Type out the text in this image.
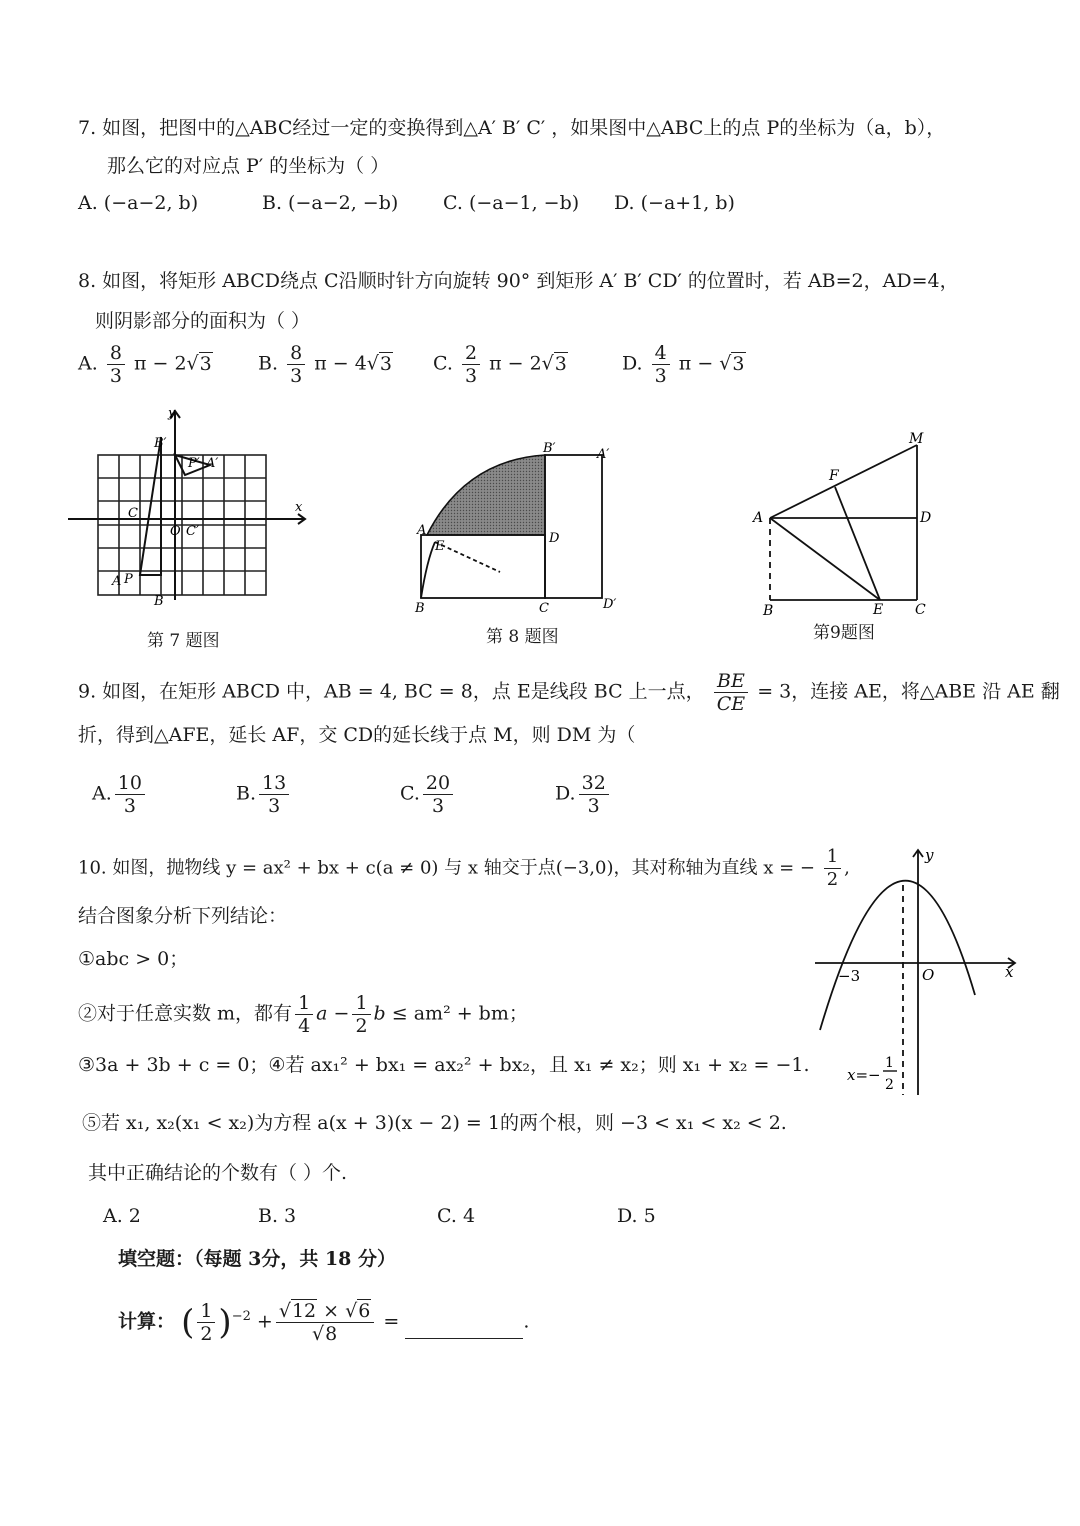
7. 如图，把图中的△ABC经过一定的变换得到△A′ B′ C′ ，如果图中△ABC上的点 P的坐标为（a，b），
那么它的对应点 P′ 的坐标为（ ）
A. (−a−2, b)	B. (−a−2, −b) C. (−a−1, −b) D. (−a+1, b)
8. 如图，将矩形 ABCD绕点 C沿顺时针方向旋转 90° 到矩形 A′ B′ CD′ 的位置时，若 AB=2，AD=4，
则阴影部分的面积为（ ）
A. $\frac{8}{3}$ π − 2√3 B. $\frac{8}{3}$ π − 4√3 C. $\frac{2}{3}$ π − 2√3	D. $\frac{4}{3}$ π − √3
y
x
B′
P′ A′
C
O C′
A P
B
第 7 题图
A
E
B	C
D
D′
B′	A′
第 8 题图
A
F
M
D
B	E C
第9题图
9. 如图，在矩形 ABCD 中，AB = 4, BC = 8，点 E是线段 BC 上一点， $\frac{BE}{CE} = 3$，连接 AE，将△ABE 沿 AE 翻
折，得到△AFE，延长 AF，交 CD的延长线于点 M，则 DM 为（
A. $\frac{10}{3}$	B. $\frac{13}{3}$	C. $\frac{20}{3}$	D. $\frac{32}{3}$
10. 如图，抛物线 y = ax² + bx + c(a ≠ 0) 与 x 轴交于点(−3,0)，其对称轴为直线 x = − $\frac{1}{2}$ ,
结合图象分析下列结论：
①abc > 0；
②对于任意实数 m，都有 1
4
a − 1
2
b ≤ am² + bm；
③3a + 3b + c = 0；④若 ax₁² + bx₁ = ax₂² + bx₂，且 x₁ ≠ x₂；则 x₁ + x₂ = −1.
⑤若 x₁, x₂(x₁ < x₂)为方程 a(x + 3)(x − 2) = 1的两个根，则 −3 < x₁ < x₂ < 2.
其中正确结论的个数有（ ）个.
A. 2	B. 3	C. 4	D. 5
y
x
−3	O
x=−
1
2
填空题：（每题 3分，共 18 分）
计算： ( $\frac{1}{2} )^{-2} + \frac{√12 \times √6}{√8}$ =	.
